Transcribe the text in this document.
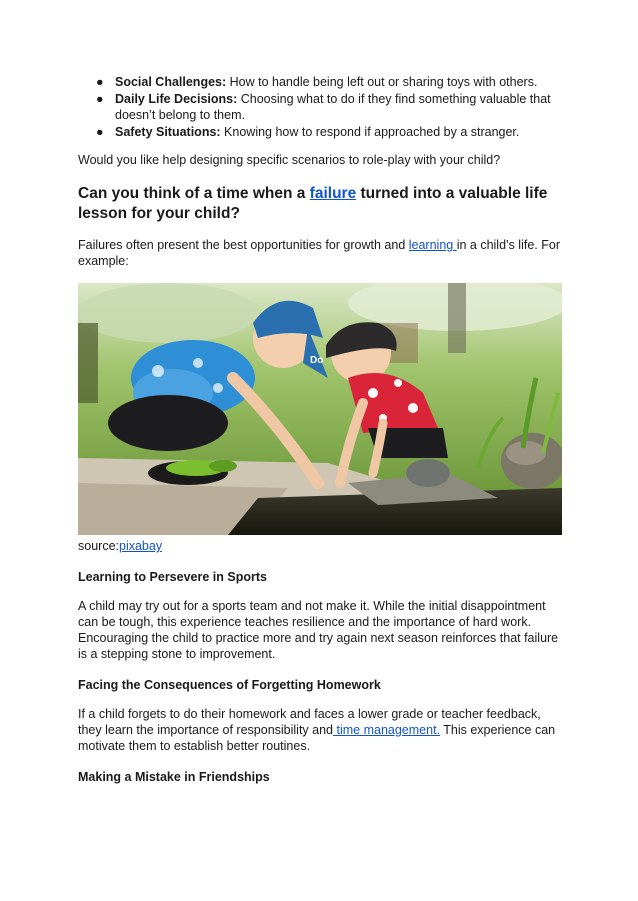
● Social Challenges: How to handle being left out or sharing toys with others.
● Daily Life Decisions: Choosing what to do if they find something valuable that doesn’t belong to them.
● Safety Situations: Knowing how to respond if approached by a stranger.

Would you like help designing specific scenarios to role-play with your child?

Can you think of a time when a failure turned into a valuable life lesson for your child?

Failures often present the best opportunities for growth and learning in a child’s life. For example:

Do

source:pixabay

Learning to Persevere in Sports

A child may try out for a sports team and not make it. While the initial disappointment can be tough, this experience teaches resilience and the importance of hard work. Encouraging the child to practice more and try again next season reinforces that failure is a stepping stone to improvement.

Facing the Consequences of Forgetting Homework

If a child forgets to do their homework and faces a lower grade or teacher feedback, they learn the importance of responsibility and time management. This experience can motivate them to establish better routines.

Making a Mistake in Friendships
